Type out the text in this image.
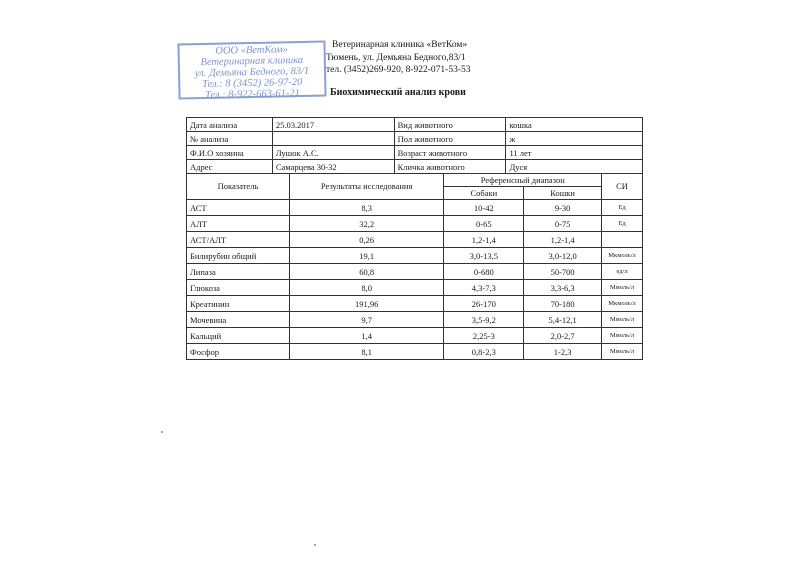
ООО «ВетКом»
Ветеринарная клиника
ул. Демьяна Бедного, 83/1
Тел.: 8 (3452) 26-97-20
Тел.: 8-922-663-61-21
Ветеринарная клиника «ВетКом»
Тюмень, ул. Демьяна Бедного,83/1
тел. (3452)269-920, 8-922-071-53-53
Биохимический анализ крови
Дата анализа	25.03.2017	Вид животного	кошка
№ анализа		Пол животного	ж
Ф.И.О хозяина	Лушок А.С.	Возраст животного	11 лет
Адрес	Самарцева 30-32	Кличка животного	Дуся
Показатель	Результаты исследования	Референсный диапазон		СИ
		Собаки	Кошки	
АСТ	8,3	10-42	9-30	Ед
АЛТ	32,2	0-65	0-75	Ед
АСТ/АЛТ	0,26	1,2-1,4	1,2-1,4	
Билирубин общий	19,1	3,0-13,5	3,0-12,0	Мкмоль/л
Липаза	60,8	0-680	50-700	ед/л
Глюкоза	8,0	4,3-7,3	3,3-6,3	Ммоль/л
Креатинин	191,96	26-170	70-180	Мкмоль/л
Мочевина	9,7	3,5-9,2	5,4-12,1	Ммоль/л
Кальций	1,4	2,25-3	2,0-2,7	Ммоль/л
Фосфор	8,1	0,8-2,3	1-2,3	Ммоль/л
